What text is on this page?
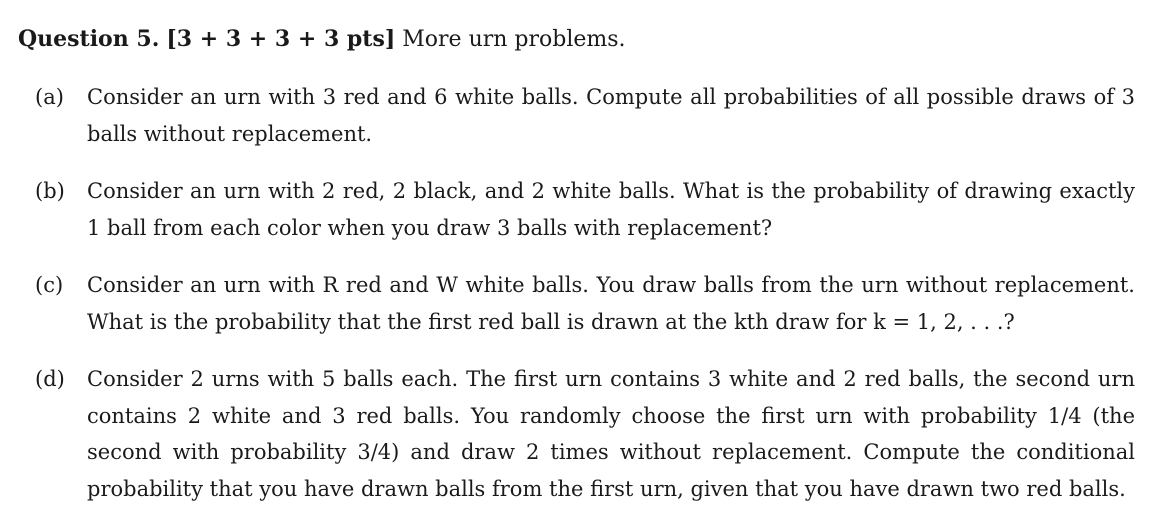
Question 5. [3 + 3 + 3 + 3 pts] More urn problems.
(a)	Consider an urn with 3 red and 6 white balls. Compute all probabilities of all possible draws of 3 balls without replacement.
(b)	Consider an urn with 2 red, 2 black, and 2 white balls. What is the probability of drawing exactly 1 ball from each color when you draw 3 balls with replacement?
(c)	Consider an urn with R red and W white balls. You draw balls from the urn without replacement. What is the probability that the first red ball is drawn at the kth draw for k = 1, 2, . . .?
(d)	Consider 2 urns with 5 balls each. The first urn contains 3 white and 2 red balls, the second urn contains 2 white and 3 red balls. You randomly choose the first urn with probability 1/4 (the second with probability 3/4) and draw 2 times without replacement. Compute the conditional probability that you have drawn balls from the first urn, given that you have drawn two red balls.
